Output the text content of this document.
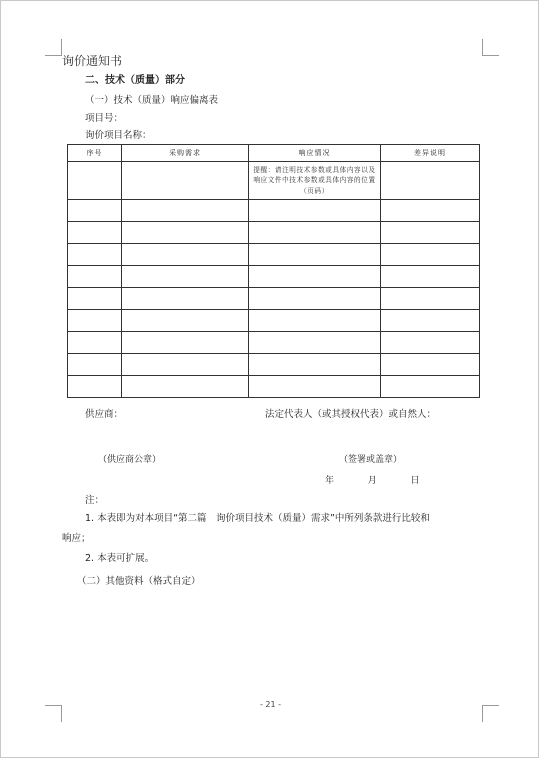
询价通知书
二、技术（质量）部分
（一）技术（质量）响应偏离表
项目号：
询价项目名称：
序号	采购需求	响应情况	差异说明

		提醒：请注明技术参数或具体内容以及响应文件中技术参数或具体内容的位置（页码）	

供应商：	法定代表人（或其授权代表）或自然人：
（供应商公章）	（签署或盖章）
年	月	日
注：
1. 本表即为对本项目“第二篇　询价项目技术（质量）需求”中所列条款进行比较和
响应；
2. 本表可扩展。
（二）其他资料（格式自定）
- 21 -
